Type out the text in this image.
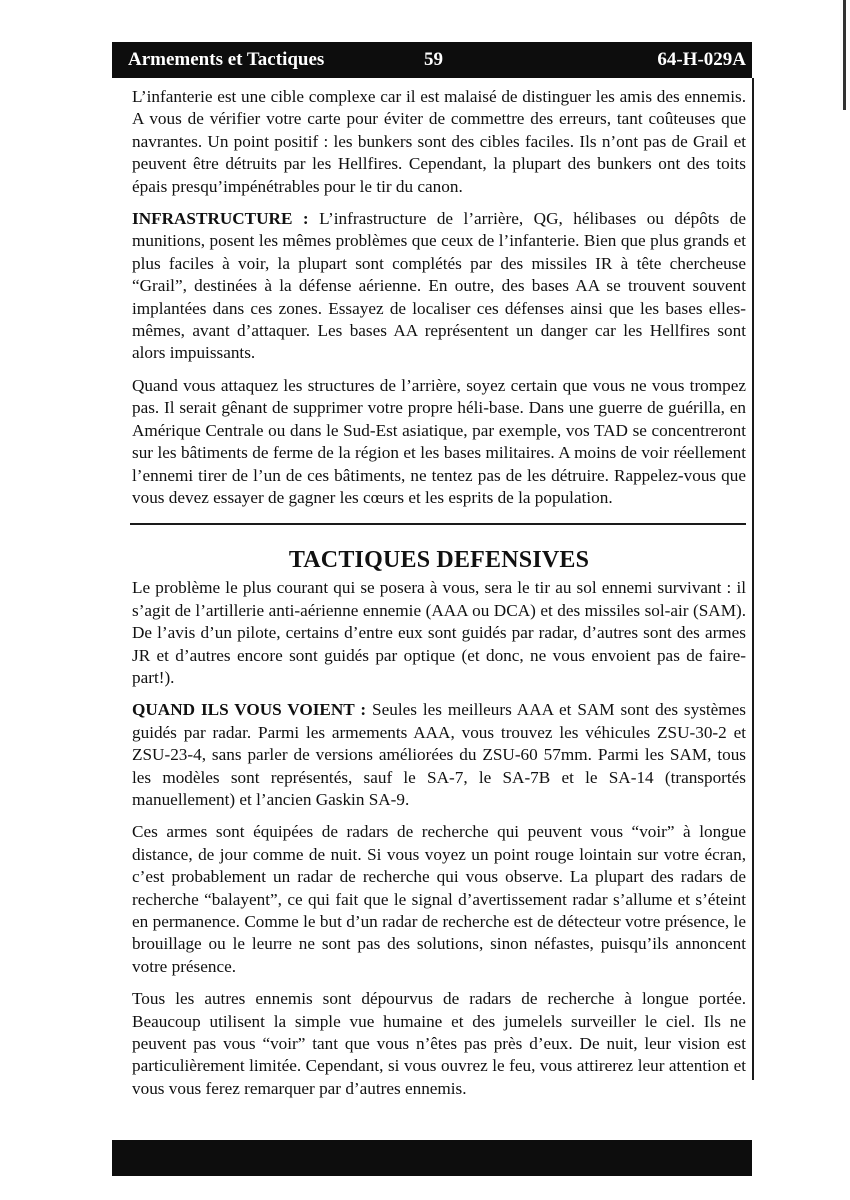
Armements et Tactiques	59	64-H-029A

L’infanterie est une cible complexe car il est malaisé de distinguer les amis des ennemis. A vous de vérifier votre carte pour éviter de commettre des erreurs, tant coûteuses que navrantes. Un point positif : les bunkers sont des cibles faciles. Ils n’ont pas de Grail et peuvent être détruits par les Hellfires. Cependant, la plupart des bunkers ont des toits épais presqu’impénétrables pour le tir du canon.

INFRASTRUCTURE : L’infrastructure de l’arrière, QG, hélibases ou dépôts de munitions, posent les mêmes problèmes que ceux de l’infanterie. Bien que plus grands et plus faciles à voir, la plupart sont complétés par des missiles IR à tête chercheuse “Grail”, destinées à la défense aérienne. En outre, des bases AA se trouvent souvent implantées dans ces zones. Essayez de localiser ces défenses ainsi que les bases elles-mêmes, avant d’attaquer. Les bases AA représentent un danger car les Hellfires sont alors impuissants.

Quand vous attaquez les structures de l’arrière, soyez certain que vous ne vous trompez pas. Il serait gênant de supprimer votre propre héli-base. Dans une guerre de guérilla, en Amérique Centrale ou dans le Sud-Est asiatique, par exemple, vos TAD se concentreront sur les bâtiments de ferme de la région et les bases militaires. A moins de voir réellement l’ennemi tirer de l’un de ces bâtiments, ne tentez pas de les détruire. Rappelez-vous que vous devez essayer de gagner les cœurs et les esprits de la population.

TACTIQUES DEFENSIVES

Le problème le plus courant qui se posera à vous, sera le tir au sol ennemi survivant : il s’agit de l’artillerie anti-aérienne ennemie (AAA ou DCA) et des missiles sol-air (SAM). De l’avis d’un pilote, certains d’entre eux sont guidés par radar, d’autres sont des armes JR et d’autres encore sont guidés par optique (et donc, ne vous envoient pas de faire-part!).

QUAND ILS VOUS VOIENT : Seules les meilleurs AAA et SAM sont des systèmes guidés par radar. Parmi les armements AAA, vous trouvez les véhicules ZSU-30-2 et ZSU-23-4, sans parler de versions améliorées du ZSU-60 57mm. Parmi les SAM, tous les modèles sont représentés, sauf le SA-7, le SA-7B et le SA-14 (transportés manuellement) et l’ancien Gaskin SA-9.

Ces armes sont équipées de radars de recherche qui peuvent vous “voir” à longue distance, de jour comme de nuit. Si vous voyez un point rouge lointain sur votre écran, c’est probablement un radar de recherche qui vous observe. La plupart des radars de recherche “balayent”, ce qui fait que le signal d’avertissement radar s’allume et s’éteint en permanence. Comme le but d’un radar de recherche est de détecteur votre présence, le brouillage ou le leurre ne sont pas des solutions, sinon néfastes, puisqu’ils annoncent votre présence.

Tous les autres ennemis sont dépourvus de radars de recherche à longue portée. Beaucoup utilisent la simple vue humaine et des jumelels surveiller le ciel. Ils ne peuvent pas vous “voir” tant que vous n’êtes pas près d’eux. De nuit, leur vision est particulièrement limitée. Cependant, si vous ouvrez le feu, vous attirerez leur attention et vous vous ferez remarquer par d’autres ennemis.
